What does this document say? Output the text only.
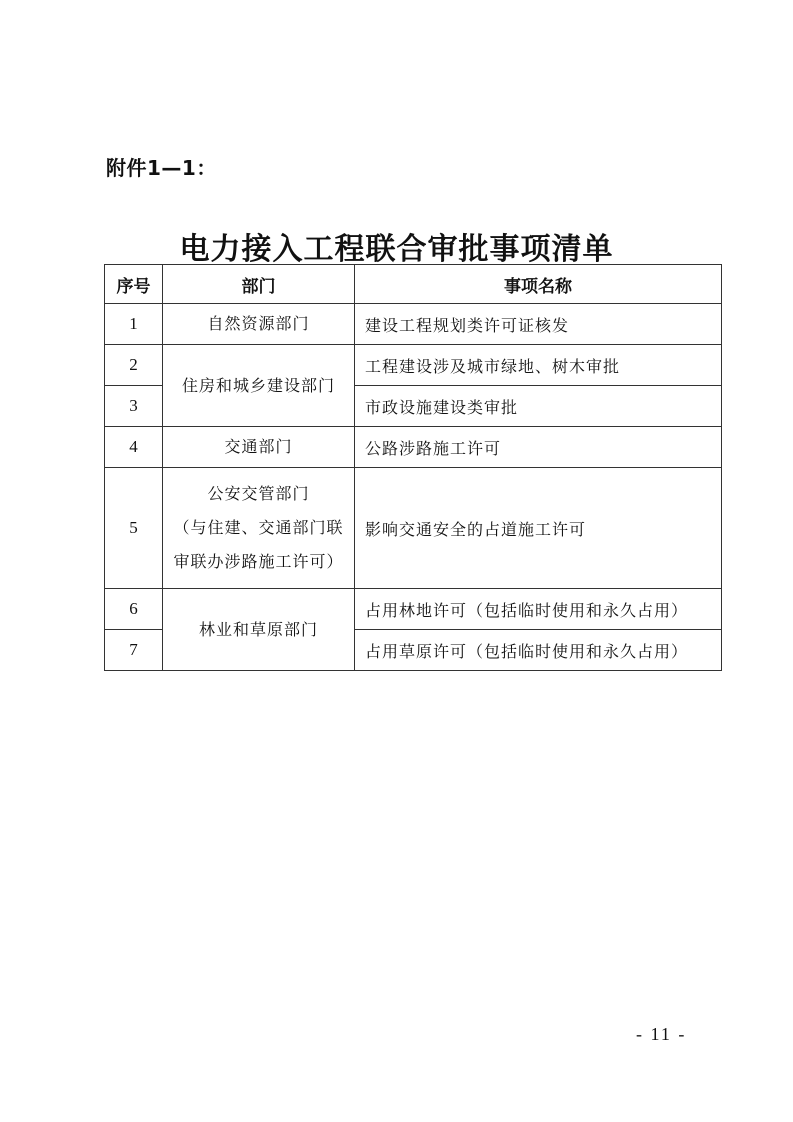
附件1—1：
电力接入工程联合审批事项清单
序号	部门	事项名称
1	自然资源部门	建设工程规划类许可证核发
2	住房和城乡建设部门	工程建设涉及城市绿地、树木审批
3		市政设施建设类审批
4	交通部门	公路涉路施工许可
5	公安交管部门
（与住建、交通部门联
审联办涉路施工许可）	影响交通安全的占道施工许可
6	林业和草原部门	占用林地许可（包括临时使用和永久占用）
7		占用草原许可（包括临时使用和永久占用）
- 11 -
